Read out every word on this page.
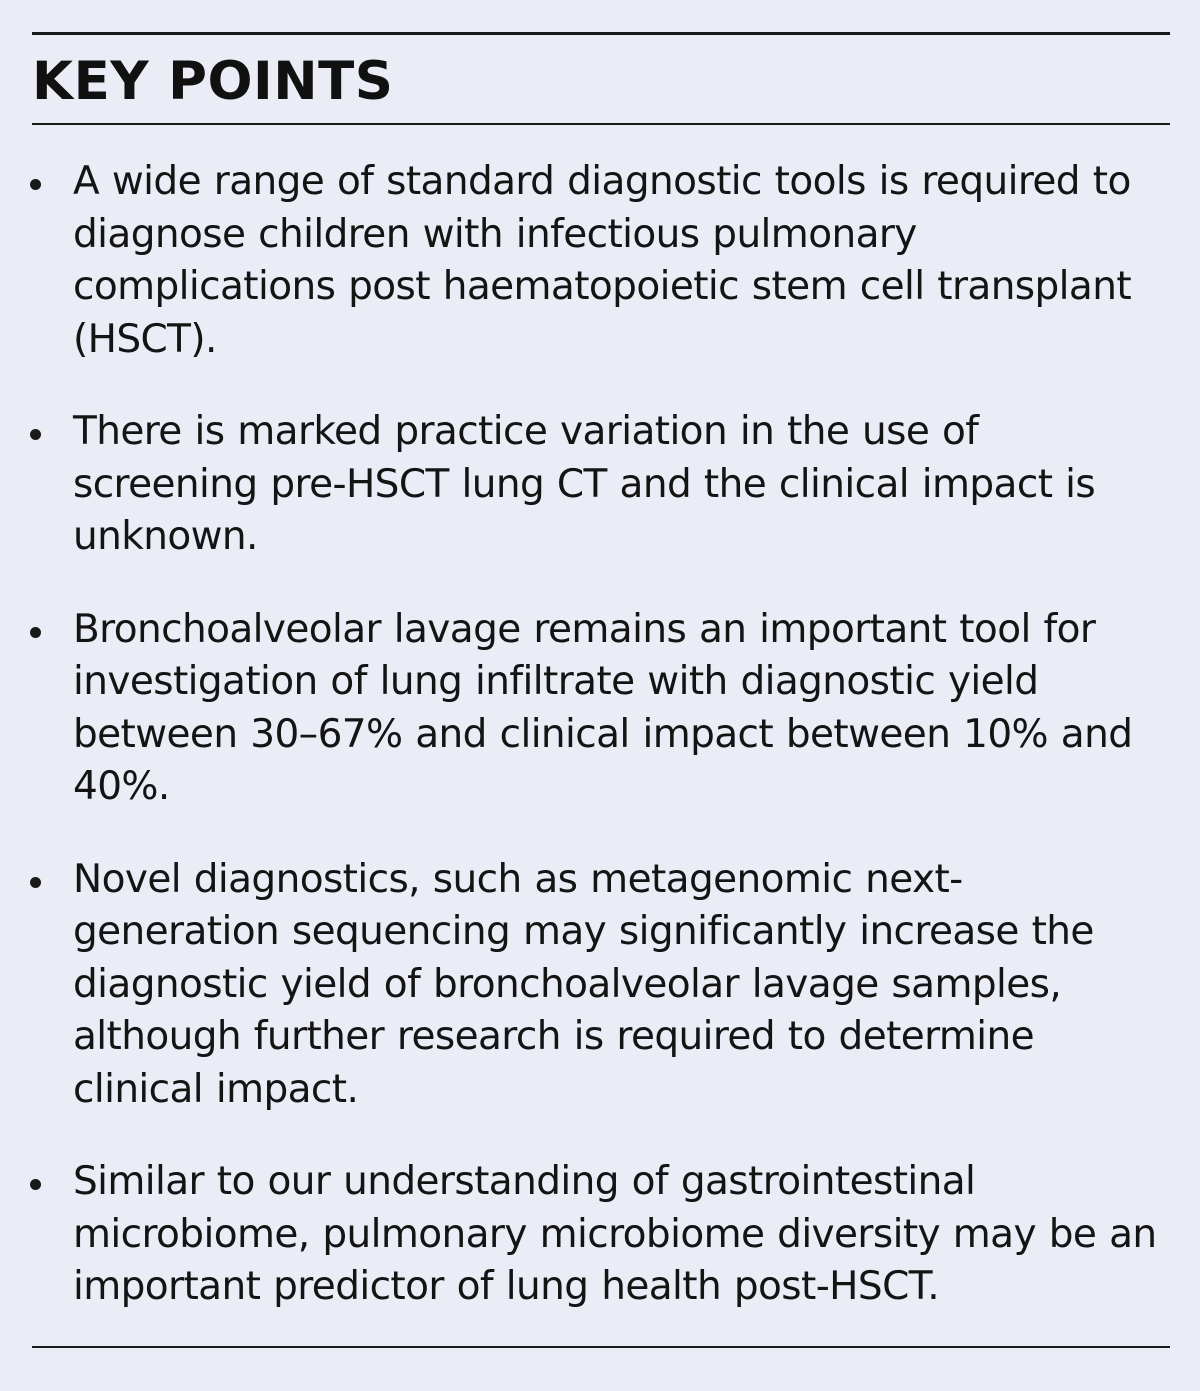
KEY POINTS
A wide range of standard diagnostic tools is required to diagnose children with infectious pulmonary complications post haematopoietic stem cell transplant (HSCT).
There is marked practice variation in the use of screening pre-HSCT lung CT and the clinical impact is unknown.
Bronchoalveolar lavage remains an important tool for investigation of lung infiltrate with diagnostic yield between 30–67% and clinical impact between 10% and 40%.
Novel diagnostics, such as metagenomic next-generation sequencing may significantly increase the diagnostic yield of bronchoalveolar lavage samples, although further research is required to determine clinical impact.
Similar to our understanding of gastrointestinal microbiome, pulmonary microbiome diversity may be an important predictor of lung health post-HSCT.
